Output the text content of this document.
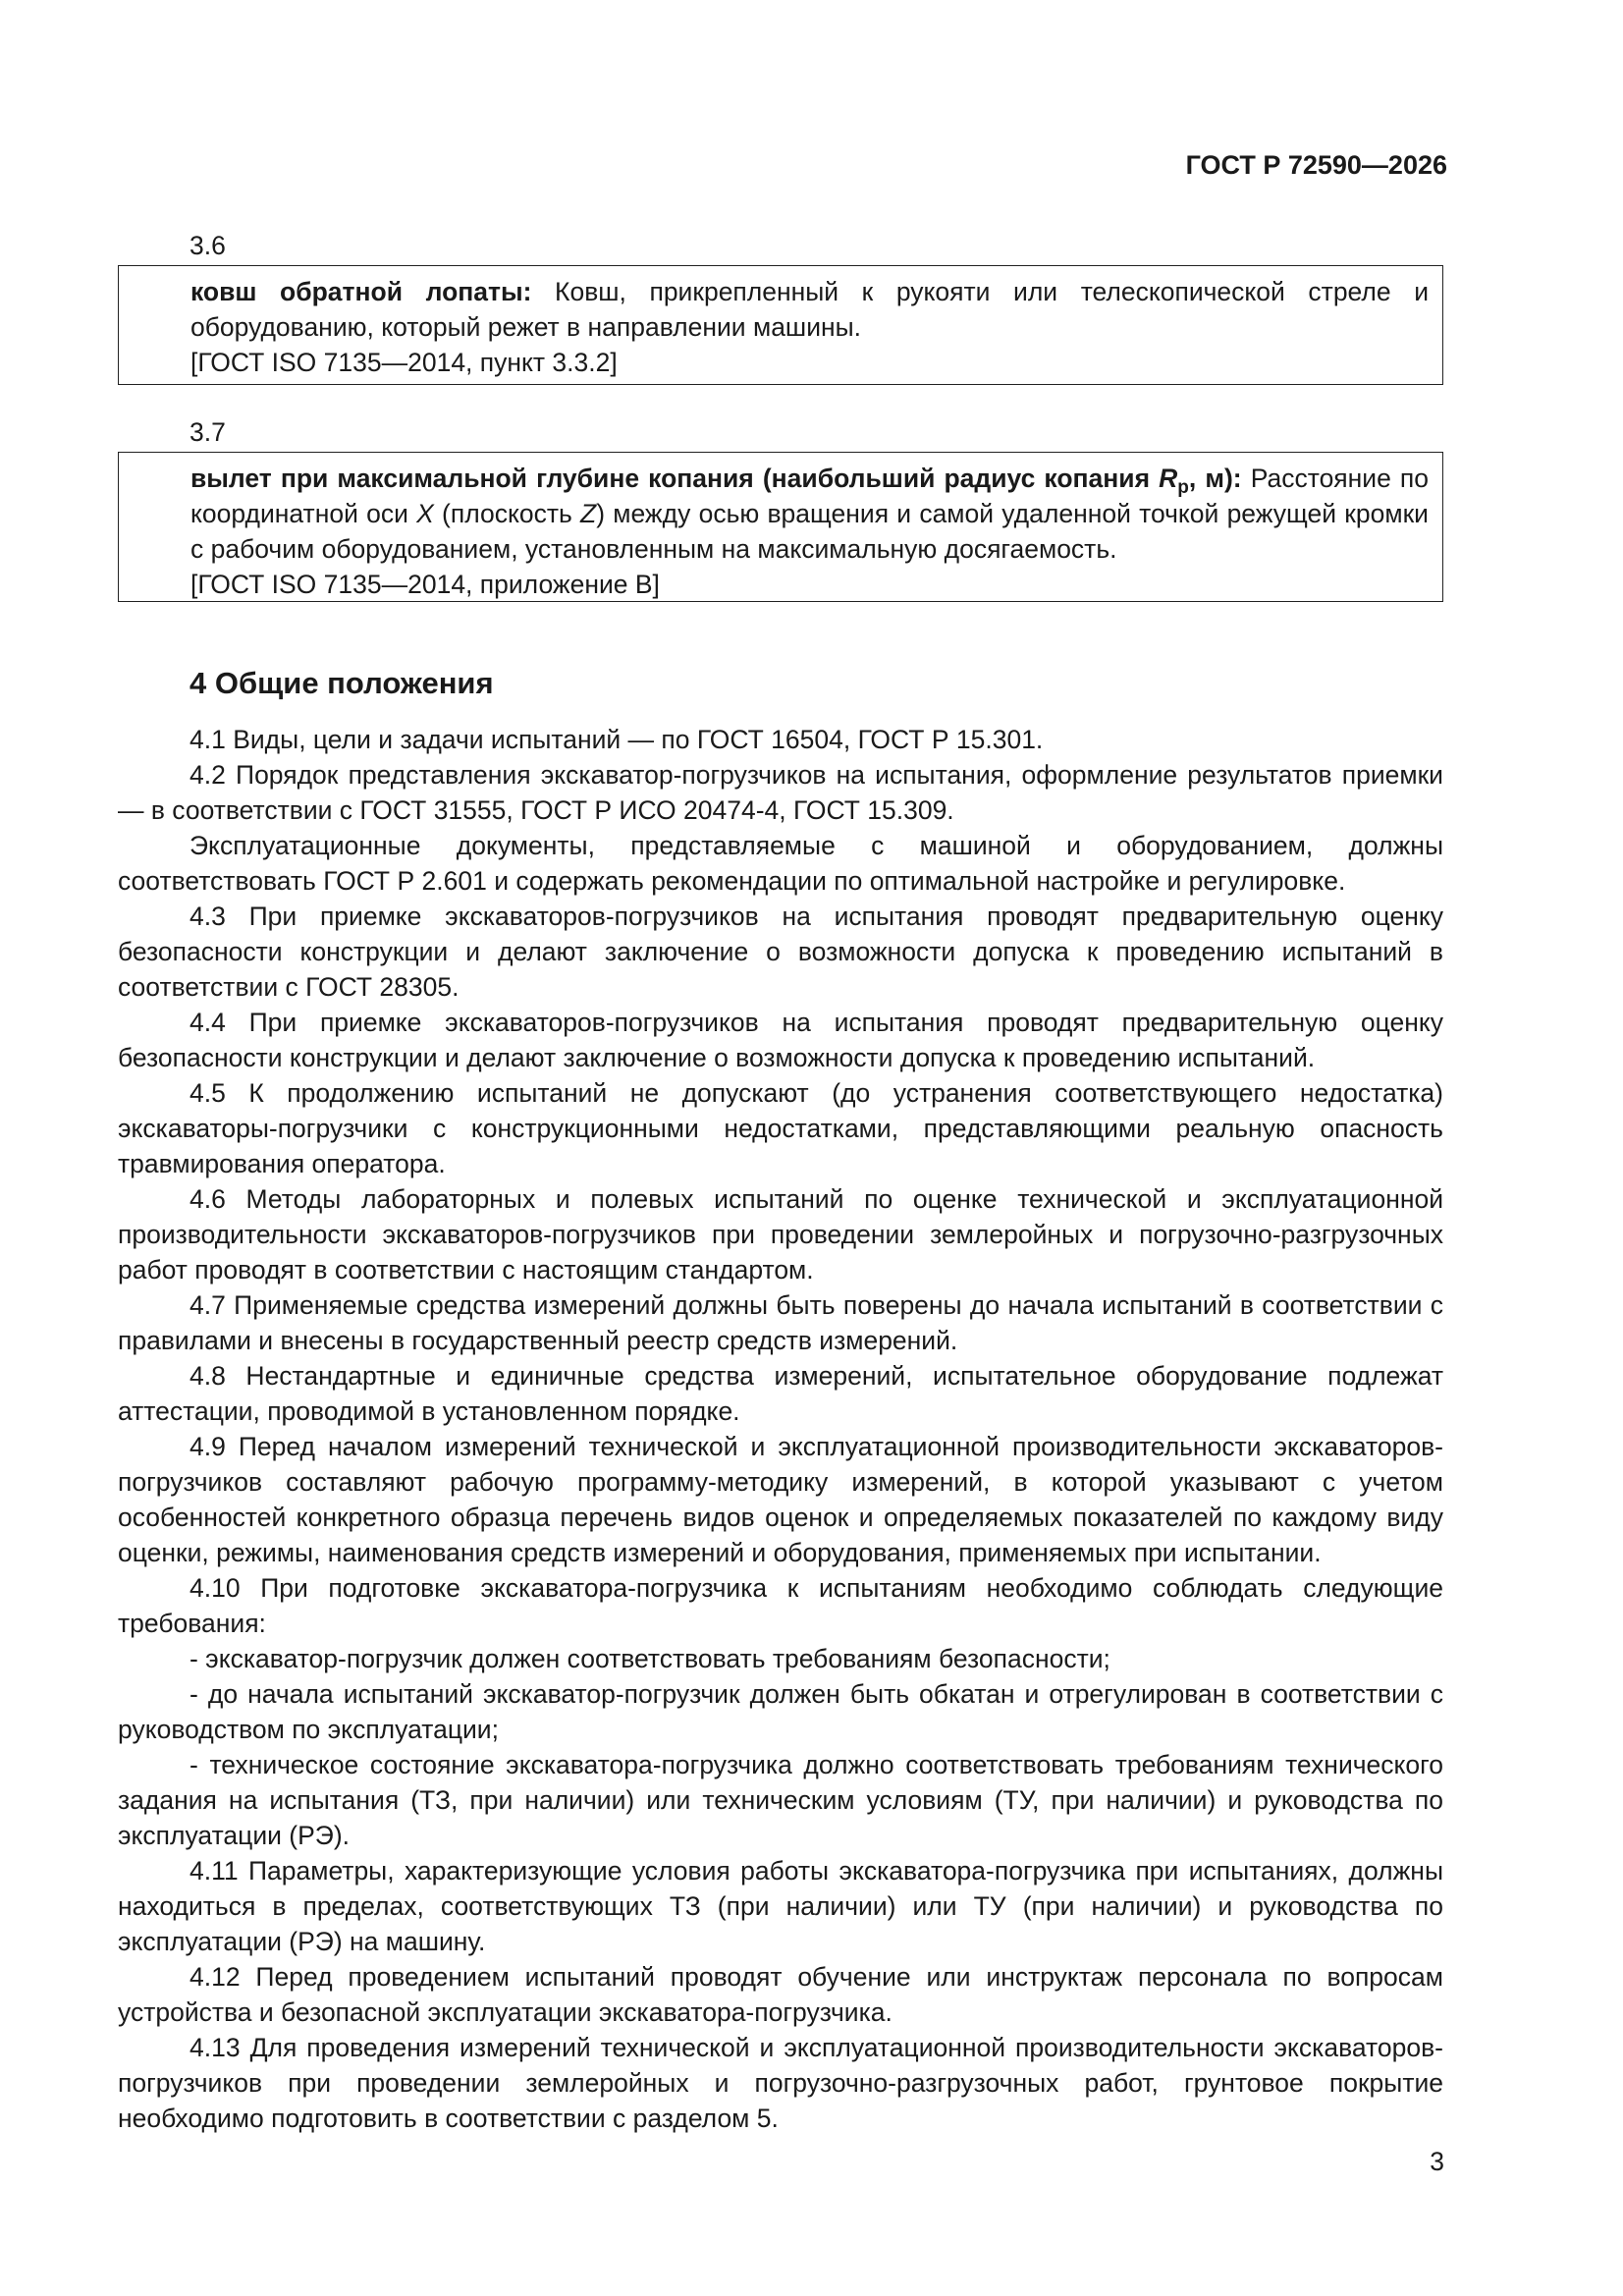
ГОСТ Р 72590—2026
3.6
ковш обратной лопаты: Ковш, прикрепленный к рукояти или телескопической стреле и оборудованию, который режет в направлении машины.
[ГОСТ ISO 7135—2014, пункт 3.3.2]
3.7
вылет при максимальной глубине копания (наибольший радиус копания $R_p$, м): Расстояние по координатной оси X (плоскость Z) между осью вращения и самой удаленной точкой режущей кромки с рабочим оборудованием, установленным на максимальную досягаемость.
[ГОСТ ISO 7135—2014, приложение В]
4 Общие положения

4.1 Виды, цели и задачи испытаний — по ГОСТ 16504, ГОСТ Р 15.301.

4.2 Порядок представления экскаватор-погрузчиков на испытания, оформление результатов приемки — в соответствии с ГОСТ 31555, ГОСТ Р ИСО 20474-4, ГОСТ 15.309.

Эксплуатационные документы, представляемые с машиной и оборудованием, должны соответствовать ГОСТ Р 2.601 и содержать рекомендации по оптимальной настройке и регулировке.

4.3 При приемке экскаваторов-погрузчиков на испытания проводят предварительную оценку безопасности конструкции и делают заключение о возможности допуска к проведению испытаний в соответствии с ГОСТ 28305.

4.4 При приемке экскаваторов-погрузчиков на испытания проводят предварительную оценку безопасности конструкции и делают заключение о возможности допуска к проведению испытаний.

4.5 К продолжению испытаний не допускают (до устранения соответствующего недостатка) экскаваторы-погрузчики с конструкционными недостатками, представляющими реальную опасность травмирования оператора.

4.6 Методы лабораторных и полевых испытаний по оценке технической и эксплуатационной производительности экскаваторов-погрузчиков при проведении землеройных и погрузочно-разгрузочных работ проводят в соответствии с настоящим стандартом.

4.7 Применяемые средства измерений должны быть поверены до начала испытаний в соответствии с правилами и внесены в государственный реестр средств измерений.

4.8 Нестандартные и единичные средства измерений, испытательное оборудование подлежат аттестации, проводимой в установленном порядке.

4.9 Перед началом измерений технической и эксплуатационной производительности экскаваторов-погрузчиков составляют рабочую программу-методику измерений, в которой указывают с учетом особенностей конкретного образца перечень видов оценок и определяемых показателей по каждому виду оценки, режимы, наименования средств измерений и оборудования, применяемых при испытании.

4.10 При подготовке экскаватора-погрузчика к испытаниям необходимо соблюдать следующие требования:

- экскаватор-погрузчик должен соответствовать требованиям безопасности;

- до начала испытаний экскаватор-погрузчик должен быть обкатан и отрегулирован в соответствии с руководством по эксплуатации;

- техническое состояние экскаватора-погрузчика должно соответствовать требованиям технического задания на испытания (ТЗ, при наличии) или техническим условиям (ТУ, при наличии) и руководства по эксплуатации (РЭ).

4.11 Параметры, характеризующие условия работы экскаватора-погрузчика при испытаниях, должны находиться в пределах, соответствующих ТЗ (при наличии) или ТУ (при наличии) и руководства по эксплуатации (РЭ) на машину.

4.12 Перед проведением испытаний проводят обучение или инструктаж персонала по вопросам устройства и безопасной эксплуатации экскаватора-погрузчика.

4.13 Для проведения измерений технической и эксплуатационной производительности экскаваторов-погрузчиков при проведении землеройных и погрузочно-разгрузочных работ, грунтовое покрытие необходимо подготовить в соответствии с разделом 5.

3
